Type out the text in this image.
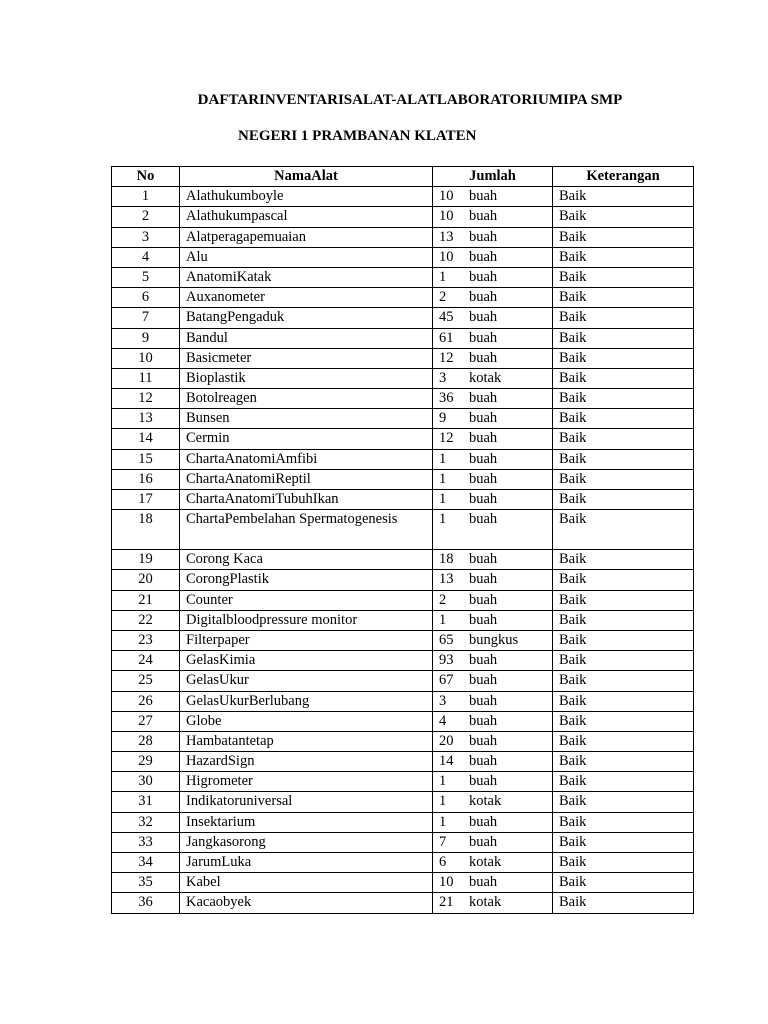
DAFTARINVENTARISALAT-ALATLABORATORIUMIPA SMP
NEGERI 1 PRAMBANAN KLATEN
No	NamaAlat	Jumlah	Keterangan
1	Alathukumboyle	10 buah	Baik
2	Alathukumpascal	10 buah	Baik
3	Alatperagapemuaian	13 buah	Baik
4	Alu	10 buah	Baik
5	AnatomiKatak	1 buah	Baik
6	Auxanometer	2 buah	Baik
7	BatangPengaduk	45 buah	Baik
9	Bandul	61 buah	Baik
10	Basicmeter	12 buah	Baik
11	Bioplastik	3 kotak	Baik
12	Botolreagen	36 buah	Baik
13	Bunsen	9 buah	Baik
14	Cermin	12 buah	Baik
15	ChartaAnatomiAmfibi	1 buah	Baik
16	ChartaAnatomiReptil	1 buah	Baik
17	ChartaAnatomiTubuhIkan	1 buah	Baik
18	ChartaPembelahan Spermatogenesis	1 buah	Baik
19	Corong Kaca	18 buah	Baik
20	CorongPlastik	13 buah	Baik
21	Counter	2 buah	Baik
22	Digitalbloodpressure monitor	1 buah	Baik
23	Filterpaper	65 bungkus	Baik
24	GelasKimia	93 buah	Baik
25	GelasUkur	67 buah	Baik
26	GelasUkurBerlubang	3 buah	Baik
27	Globe	4 buah	Baik
28	Hambatantetap	20 buah	Baik
29	HazardSign	14 buah	Baik
30	Higrometer	1 buah	Baik
31	Indikatoruniversal	1 kotak	Baik
32	Insektarium	1 buah	Baik
33	Jangkasorong	7 buah	Baik
34	JarumLuka	6 kotak	Baik
35	Kabel	10 buah	Baik
36	Kacaobyek	21 kotak	Baik
